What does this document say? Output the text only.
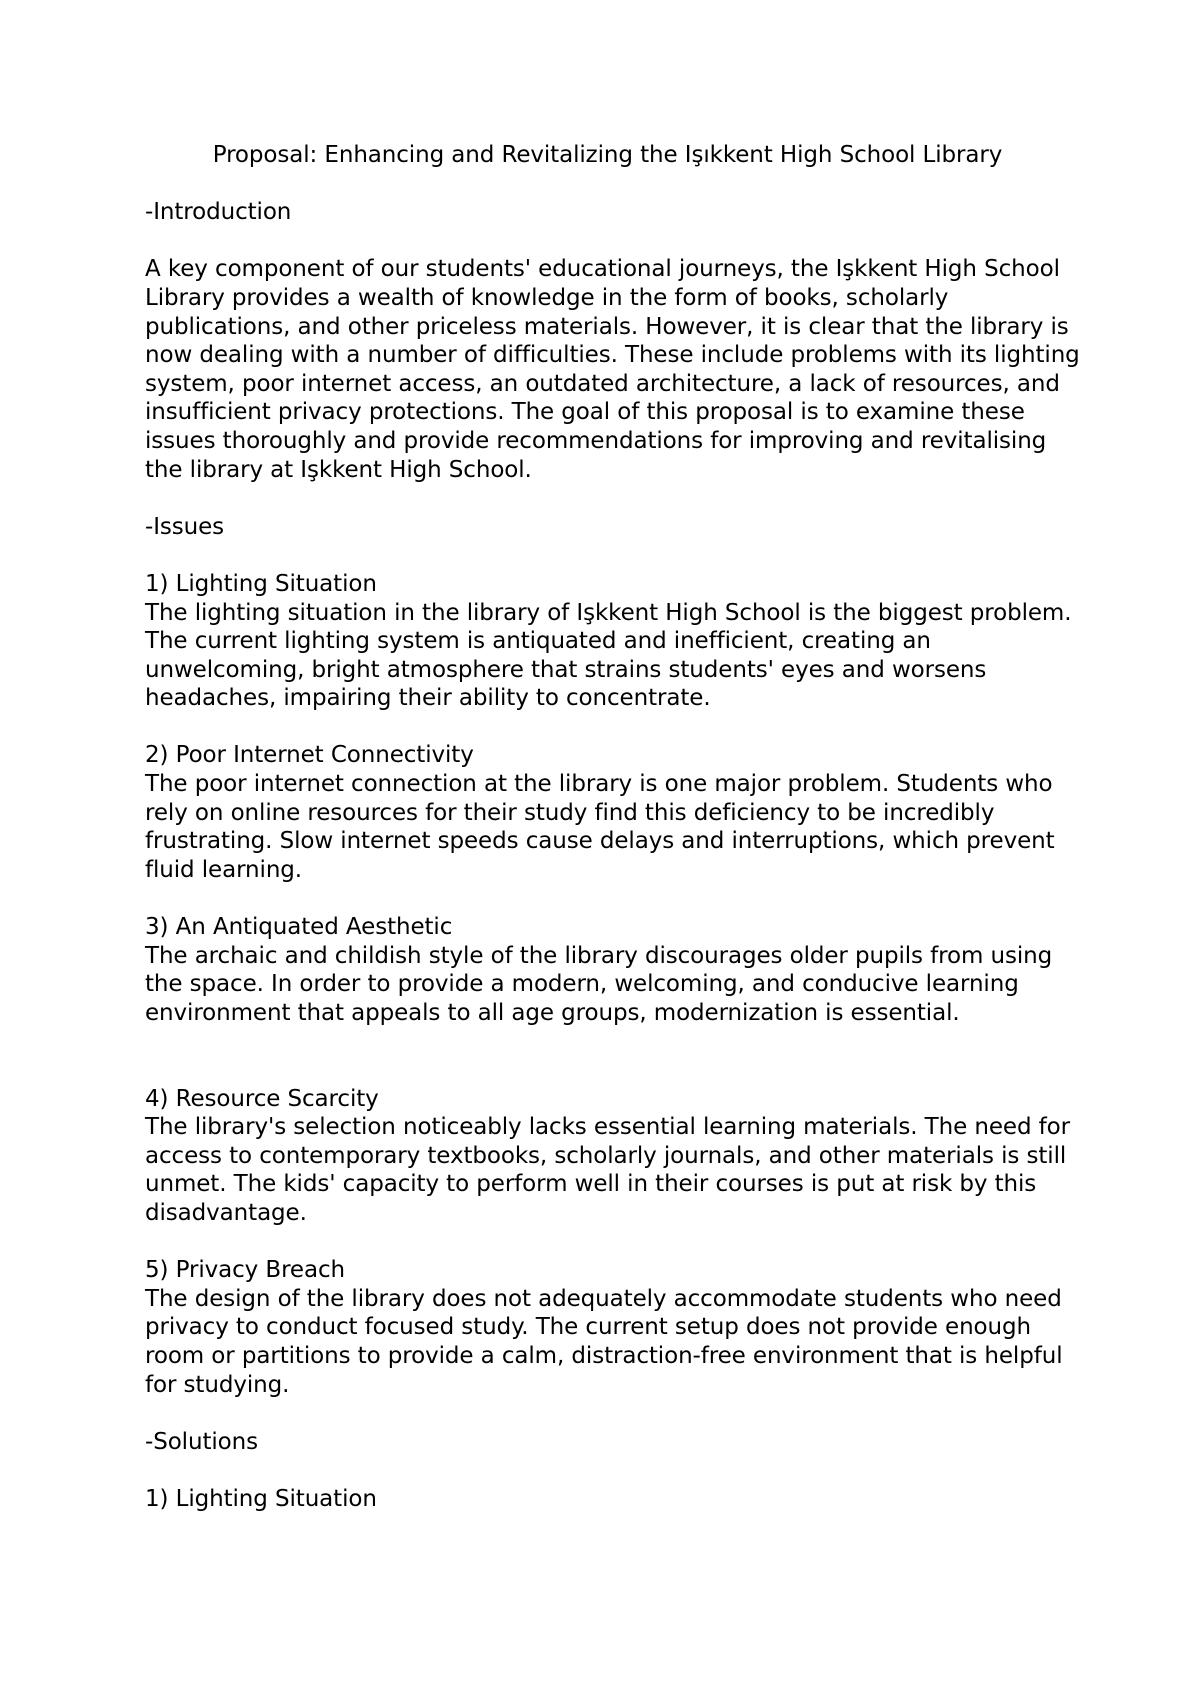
Proposal: Enhancing and Revitalizing the Işıkkent High School Library

-Introduction

A key component of our students' educational journeys, the Işkkent High School Library provides a wealth of knowledge in the form of books, scholarly publications, and other priceless materials. However, it is clear that the library is now dealing with a number of difficulties. These include problems with its lighting system, poor internet access, an outdated architecture, a lack of resources, and insufficient privacy protections. The goal of this proposal is to examine these issues thoroughly and provide recommendations for improving and revitalising the library at Işkkent High School.

-Issues

1) Lighting Situation

The lighting situation in the library of Işkkent High School is the biggest problem. The current lighting system is antiquated and inefficient, creating an unwelcoming, bright atmosphere that strains students' eyes and worsens headaches, impairing their ability to concentrate.

2) Poor Internet Connectivity

The poor internet connection at the library is one major problem. Students who rely on online resources for their study find this deficiency to be incredibly frustrating. Slow internet speeds cause delays and interruptions, which prevent fluid learning.

3) An Antiquated Aesthetic

The archaic and childish style of the library discourages older pupils from using the space. In order to provide a modern, welcoming, and conducive learning environment that appeals to all age groups, modernization is essential.

4) Resource Scarcity

The library's selection noticeably lacks essential learning materials. The need for access to contemporary textbooks, scholarly journals, and other materials is still unmet. The kids' capacity to perform well in their courses is put at risk by this disadvantage.

5) Privacy Breach

The design of the library does not adequately accommodate students who need privacy to conduct focused study. The current setup does not provide enough room or partitions to provide a calm, distraction-free environment that is helpful for studying.

-Solutions

1) Lighting Situation
